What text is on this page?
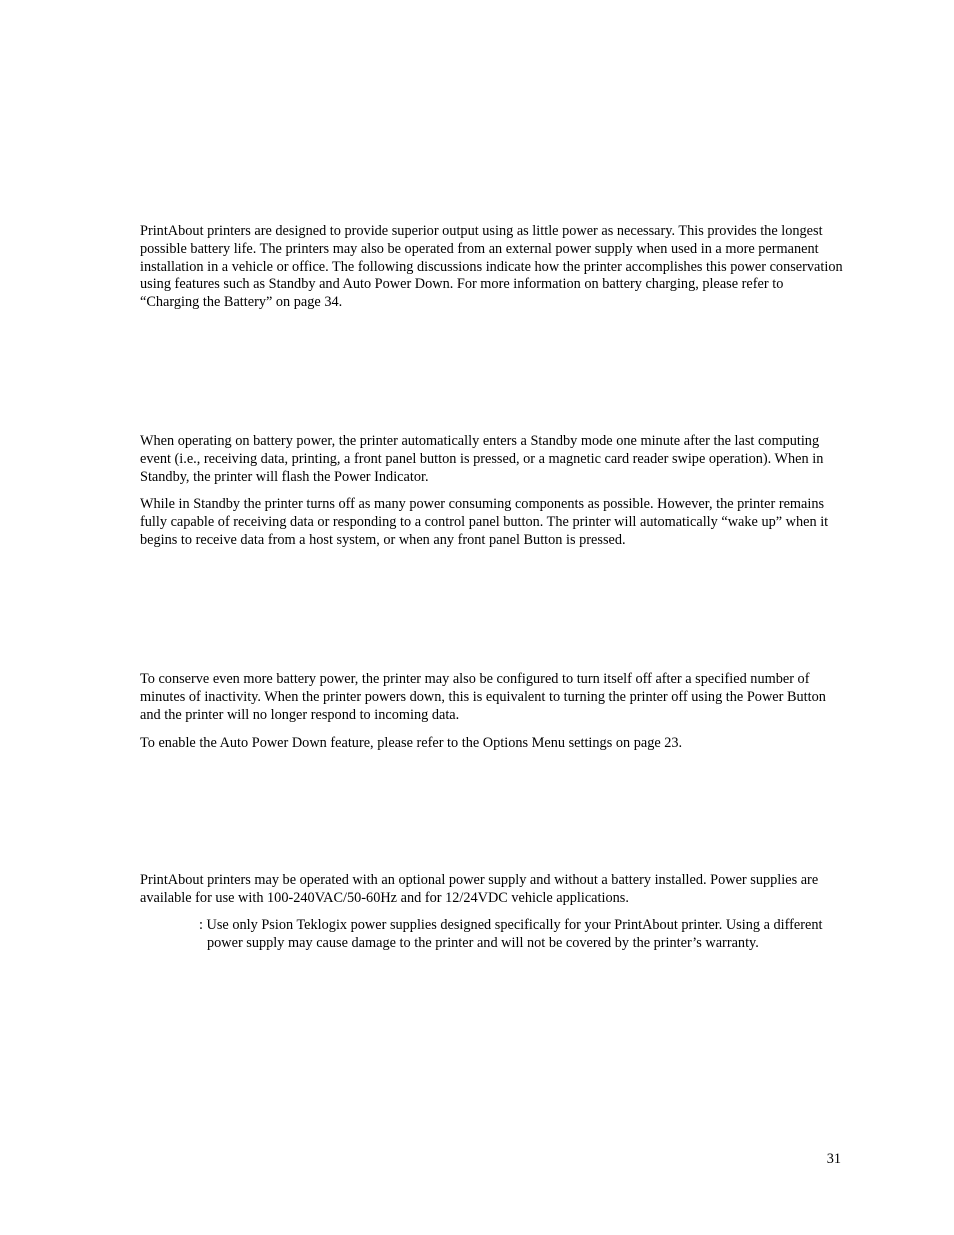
PrintAbout printers are designed to provide superior output using as little power as necessary. This provides the longest possible battery life. The printers may also be operated from an external power supply when used in a more permanent installation in a vehicle or office. The following discussions indicate how the printer accomplishes this power conservation using features such as Standby and Auto Power Down. For more information on battery charging, please refer to “Charging the Battery” on page 34.

When operating on battery power, the printer automatically enters a Standby mode one minute after the last computing event (i.e., receiving data, printing, a front panel button is pressed, or a magnetic card reader swipe operation). When in Standby, the printer will flash the Power Indicator.

While in Standby the printer turns off as many power consuming components as possible. However, the printer remains fully capable of receiving data or responding to a control panel button. The printer will automatically “wake up” when it begins to receive data from a host system, or when any front panel Button is pressed.

To conserve even more battery power, the printer may also be configured to turn itself off after a specified number of minutes of inactivity. When the printer powers down, this is equivalent to turning the printer off using the Power Button and the printer will no longer respond to incoming data.

To enable the Auto Power Down feature, please refer to the Options Menu settings on page 23.

PrintAbout printers may be operated with an optional power supply and without a battery installed. Power supplies are available for use with 100-240VAC/50-60Hz and for 12/24VDC vehicle applications.

: Use only Psion Teklogix power supplies designed specifically for your PrintAbout printer. Using a different power supply may cause damage to the printer and will not be covered by the printer’s warranty.

31
